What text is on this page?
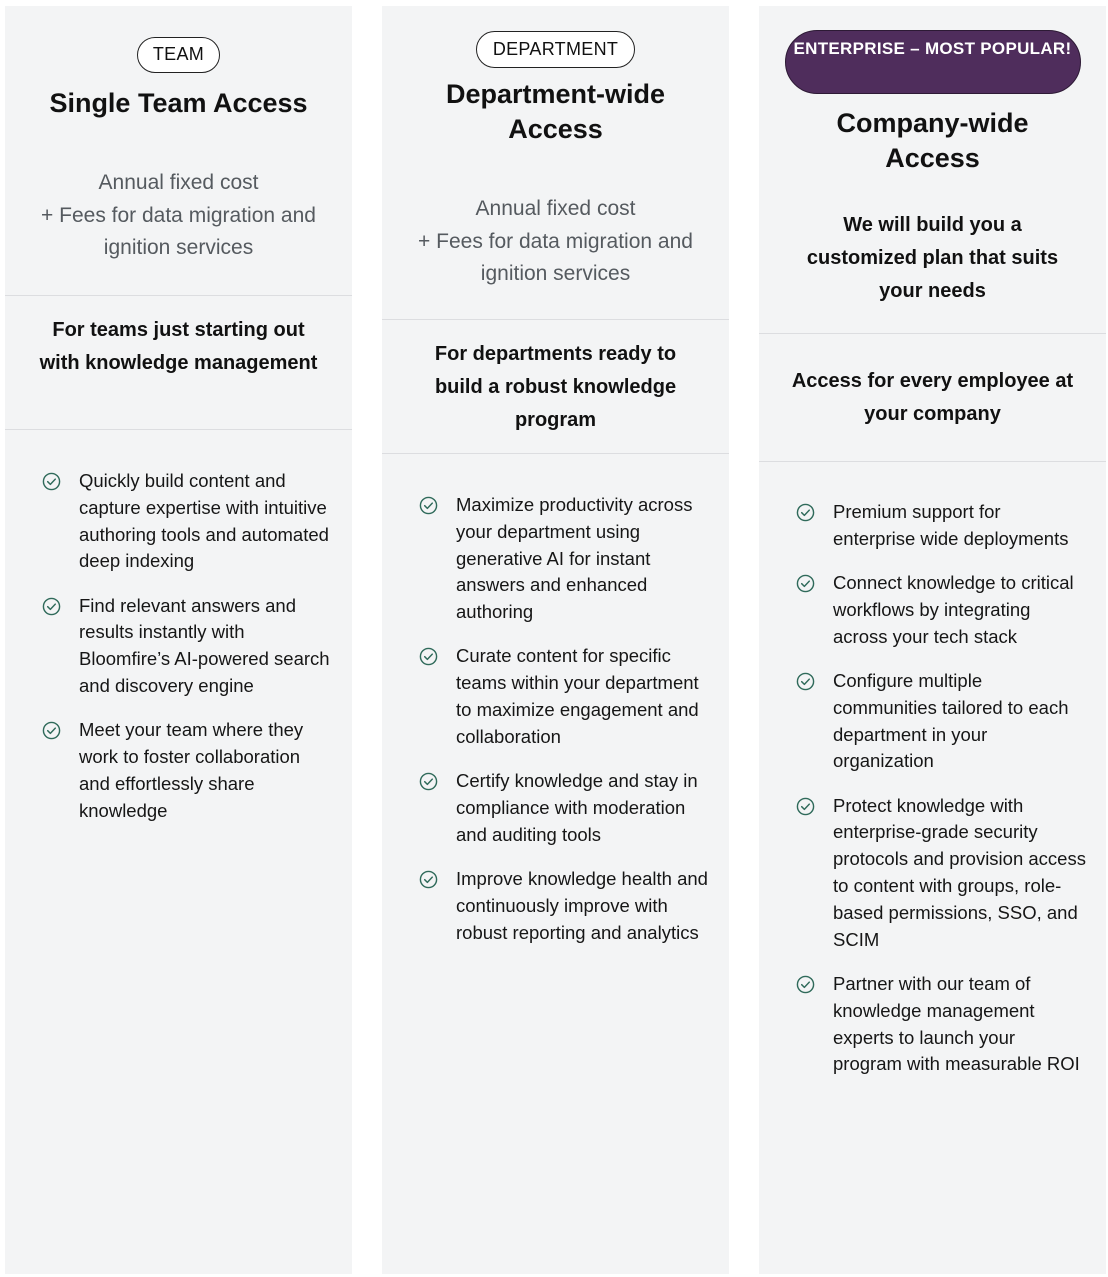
TEAM
Single Team Access
Annual fixed cost
+ Fees for data migration and ignition services
For teams just starting out with knowledge management
Quickly build content and capture expertise with intuitive authoring tools and automated deep indexing
Find relevant answers and results instantly with Bloomfire’s AI-powered search and discovery engine
Meet your team where they work to foster collaboration and effortlessly share knowledge
DEPARTMENT
Department-wide Access
Annual fixed cost
+ Fees for data migration and ignition services
For departments ready to build a robust knowledge program
Maximize productivity across your department using generative AI for instant answers and enhanced authoring
Curate content for specific teams within your department to maximize engagement and collaboration
Certify knowledge and stay in compliance with moderation and auditing tools
Improve knowledge health and continuously improve with robust reporting and analytics
ENTERPRISE – MOST POPULAR!
Company-wide Access
We will build you a customized plan that suits your needs
Access for every employee at your company
Premium support for enterprise wide deployments
Connect knowledge to critical workflows by integrating across your tech stack
Configure multiple communities tailored to each department in your organization
Protect knowledge with enterprise-grade security protocols and provision access to content with groups, role-based permissions, SSO, and SCIM
Partner with our team of knowledge management experts to launch your program with measurable ROI
